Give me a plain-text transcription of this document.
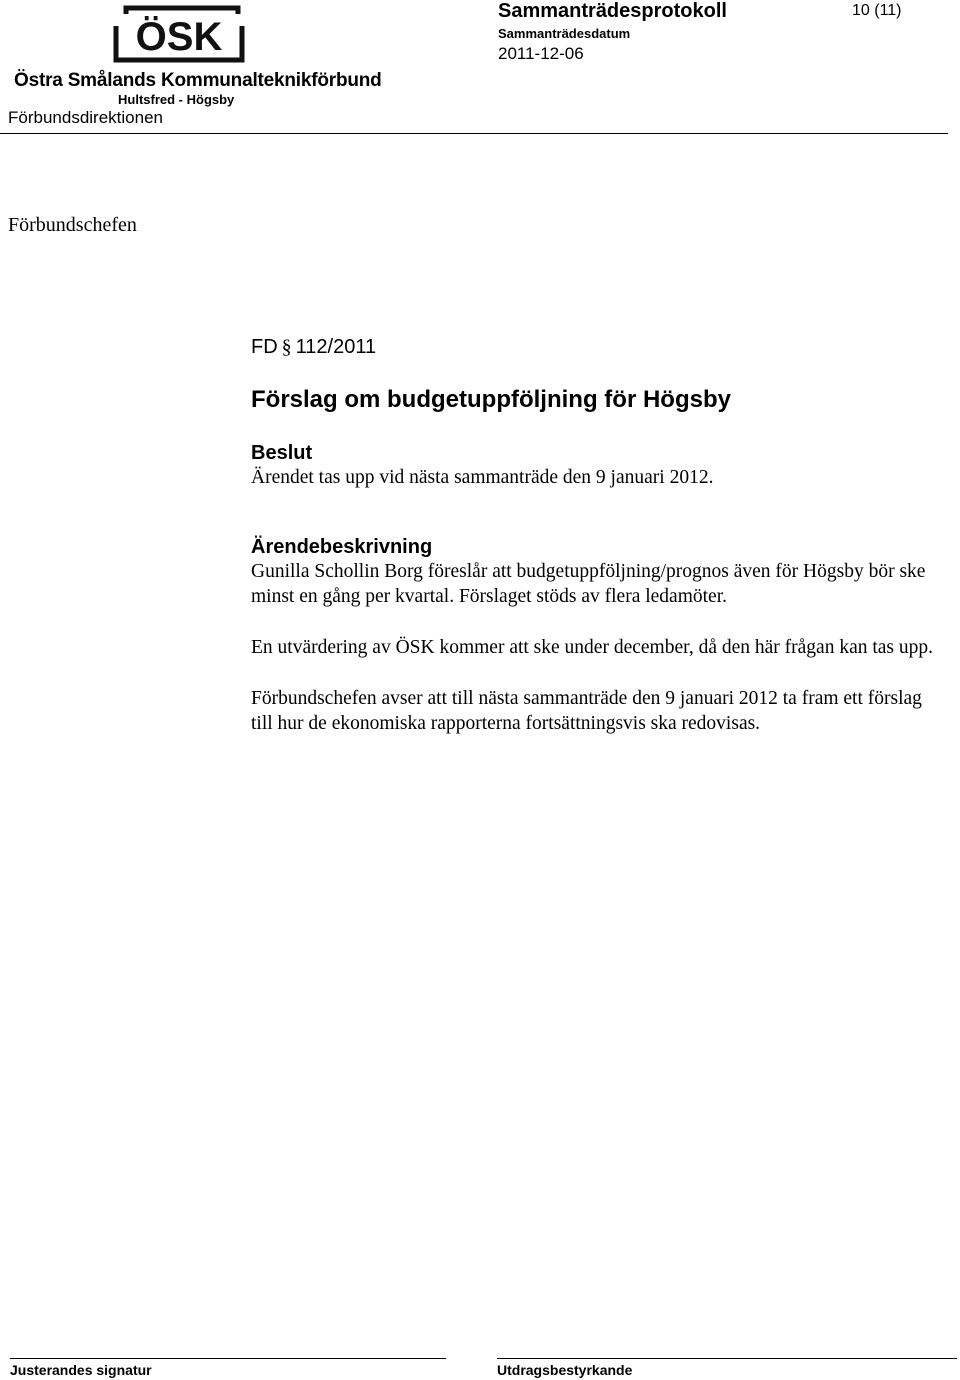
ÖSK
Östra Smålands Kommunalteknikförbund
Hultsfred - Högsby
Förbundsdirektionen
Sammanträdesprotokoll
Sammanträdesdatum
2011-12-06
10 (11)
Förbundschefen
FD § 112/2011
Förslag om budgetuppföljning för Högsby
Beslut

Ärendet tas upp vid nästa sammanträde den 9 januari 2012.

Ärendebeskrivning

Gunilla Schollin Borg föreslår att budgetuppföljning/prognos även för Högsby bör ske minst en gång per kvartal. Förslaget stöds av flera ledamöter.

En utvärdering av ÖSK kommer att ske under december, då den här frågan kan tas upp.

Förbundschefen avser att till nästa sammanträde den 9 januari 2012 ta fram ett förslag till hur de ekonomiska rapporterna fortsättningsvis ska redovisas.

Justerandes signatur	Utdragsbestyrkande
